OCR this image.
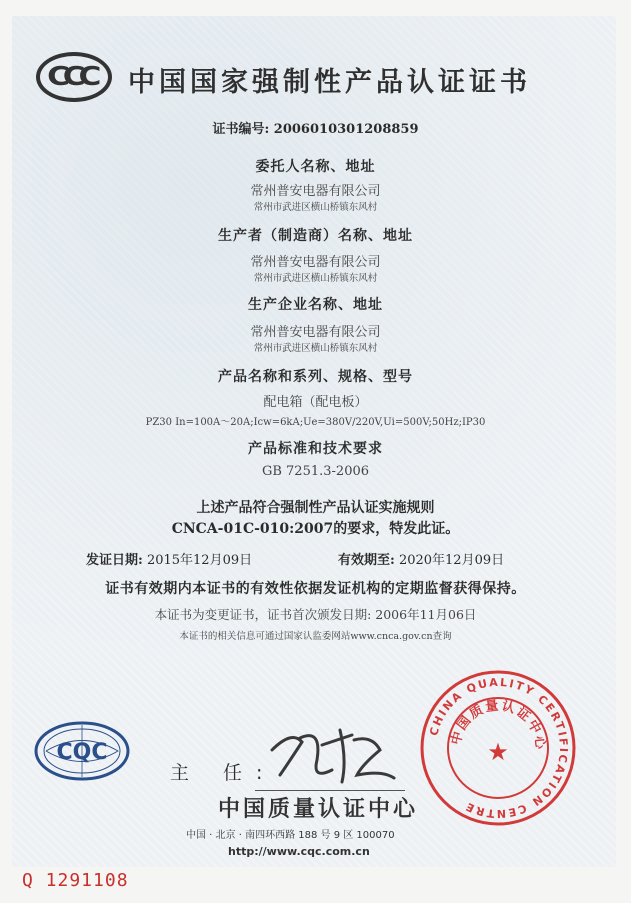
CCC 中国国家强制性产品认证证书
证书编号: 2006010301208859
委托人名称、地址
常州普安电器有限公司
常州市武进区横山桥镇东风村
生产者（制造商）名称、地址
常州普安电器有限公司
常州市武进区横山桥镇东风村
生产企业名称、地址
常州普安电器有限公司
常州市武进区横山桥镇东风村
产品名称和系列、规格、型号
配电箱（配电板）
PZ30 In=100A～20A;Icw=6kA;Ue=380V/220V,Ui=500V;50Hz;IP30
产品标准和技术要求
GB 7251.3-2006
上述产品符合强制性产品认证实施规则
CNCA-01C-010:2007的要求，特发此证。
发证日期: 2015年12月09日	有效期至: 2020年12月09日
证书有效期内本证书的有效性依据发证机构的定期监督获得保持。
本证书为变更证书，证书首次颁发日期: 2006年11月06日
本证书的相关信息可通过国家认监委网站www.cnca.gov.cn查询
CQC
主 任:
中国质量认证中心
中国 · 北京 · 南四环西路 188 号 9 区 100070
http://www.cqc.com.cn
CHINA QUALITY CERTIFICATION CENTRE
中国质量认证中心
★
Q 1291108
